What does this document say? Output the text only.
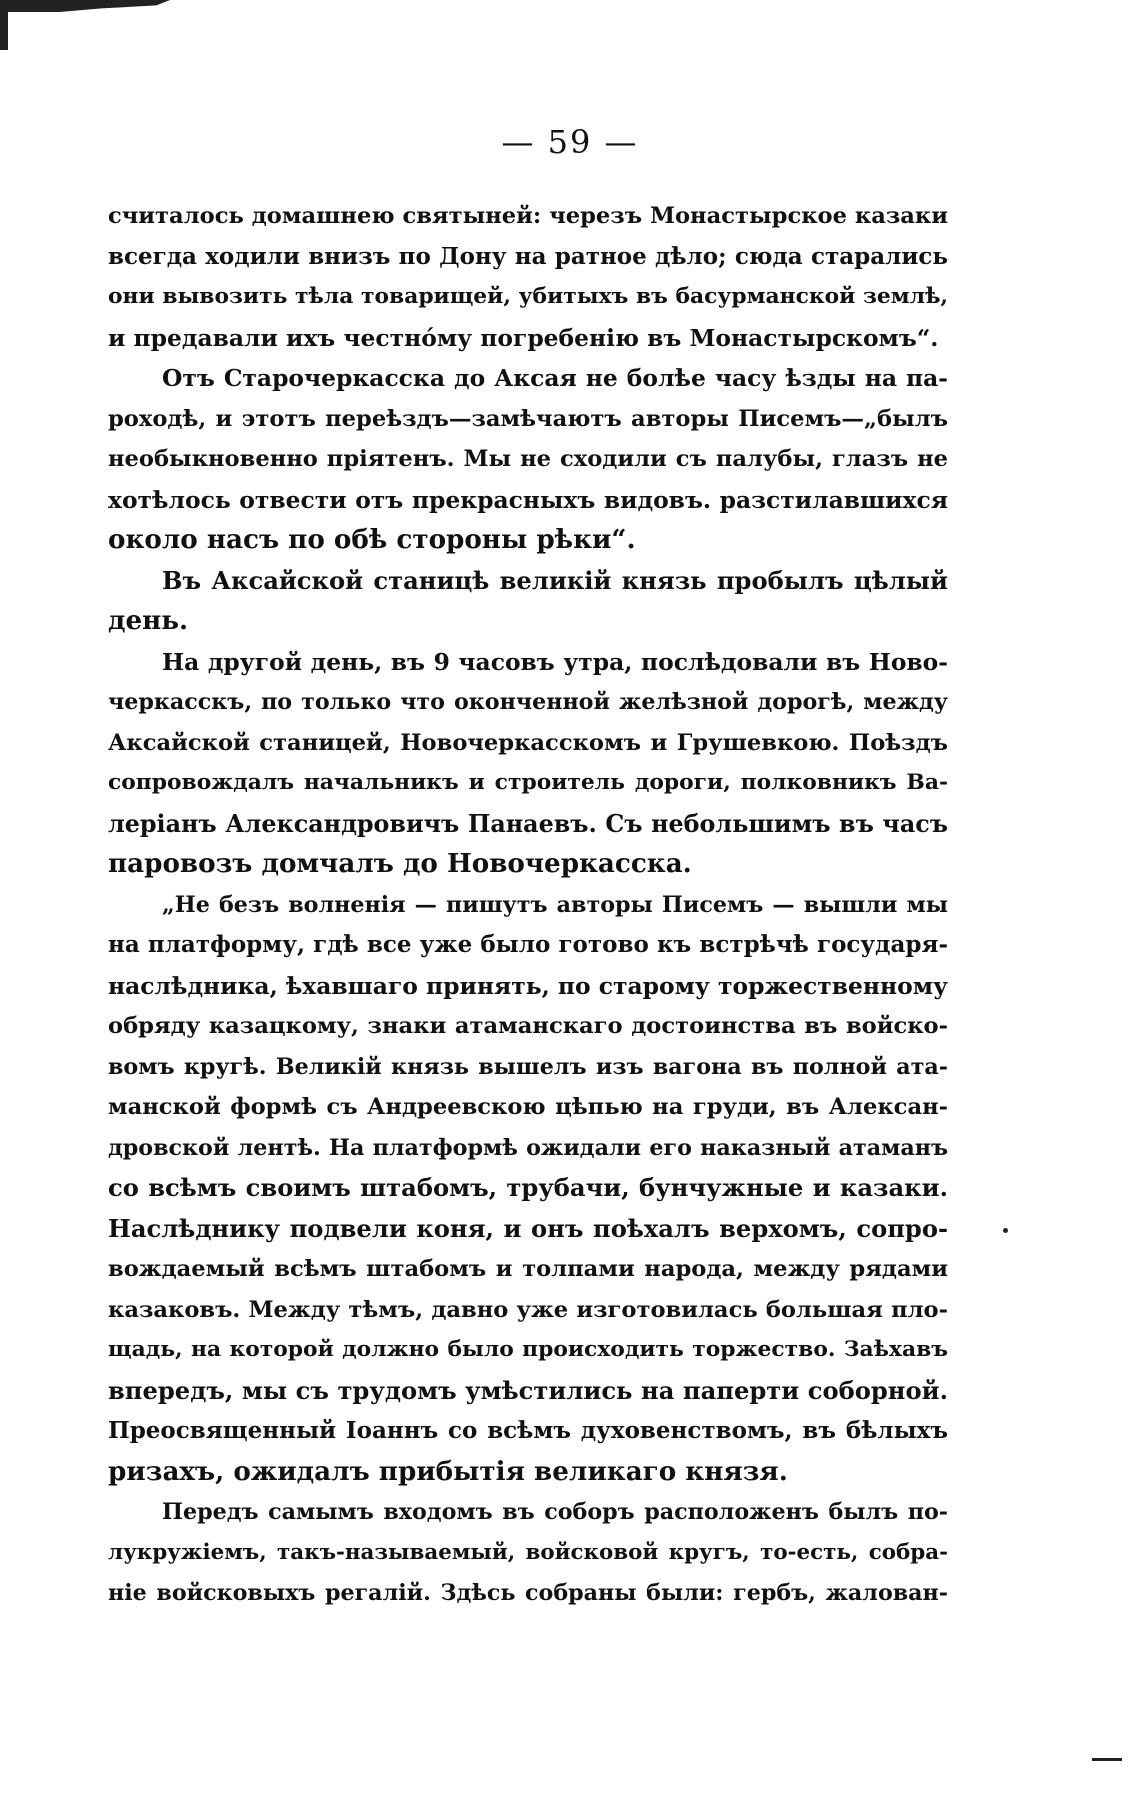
— 59 —
считалось домашнею святыней: черезъ Монастырское казаки
всегда ходили внизъ по Дону на ратное дѣло; сюда старались
они вывозить тѣла товарищей, убитыхъ въ басурманской землѣ,
и предавали ихъ честнóму погребенію въ Монастырскомъ“.
Отъ Старочеркасска до Аксая не болѣе часу ѣзды на па-
роходѣ, и этотъ переѣздъ—замѣчаютъ авторы Писемъ—„былъ
необыкновенно пріятенъ. Мы не сходили съ палубы, глазъ не
хотѣлось отвести отъ прекрасныхъ видовъ. разстилавшихся
около насъ по обѣ стороны рѣки“.
Въ Аксайской станицѣ великій князь пробылъ цѣлый
день.
На другой день, въ 9 часовъ утра, послѣдовали въ Ново-
черкасскъ, по только что оконченной желѣзной дорогѣ, между
Аксайской станицей, Новочеркасскомъ и Грушевкою. Поѣздъ
сопровождалъ начальникъ и строитель дороги, полковникъ Ва-
леріанъ Александровичъ Панаевъ. Съ небольшимъ въ часъ
паровозъ домчалъ до Новочеркасска.
„Не безъ волненія — пишутъ авторы Писемъ — вышли мы
на платформу, гдѣ все уже было готово къ встрѣчѣ государя-
наслѣдника, ѣхавшаго принять, по старому торжественному
обряду казацкому, знаки атаманскаго достоинства въ войско-
вомъ кругѣ. Великій князь вышелъ изъ вагона въ полной ата-
манской формѣ съ Андреевскою цѣпью на груди, въ Алексан-
дровской лентѣ. На платформѣ ожидали его наказный атаманъ
со всѣмъ своимъ штабомъ, трубачи, бунчужные и казаки.
Наслѣднику подвели коня, и онъ поѣхалъ верхомъ, сопро-
вождаемый всѣмъ штабомъ и толпами народа, между рядами
казаковъ. Между тѣмъ, давно уже изготовилась большая пло-
щадь, на которой должно было происходить торжество. Заѣхавъ
впередъ, мы съ трудомъ умѣстились на паперти соборной.
Преосвященный Іоаннъ со всѣмъ духовенствомъ, въ бѣлыхъ
ризахъ, ожидалъ прибытія великаго князя.
Передъ самымъ входомъ въ соборъ расположенъ былъ по-
лукружіемъ, такъ-называемый, войсковой кругъ, то-есть, собра-
ніе войсковыхъ регалій. Здѣсь собраны были: гербъ, жалован-
